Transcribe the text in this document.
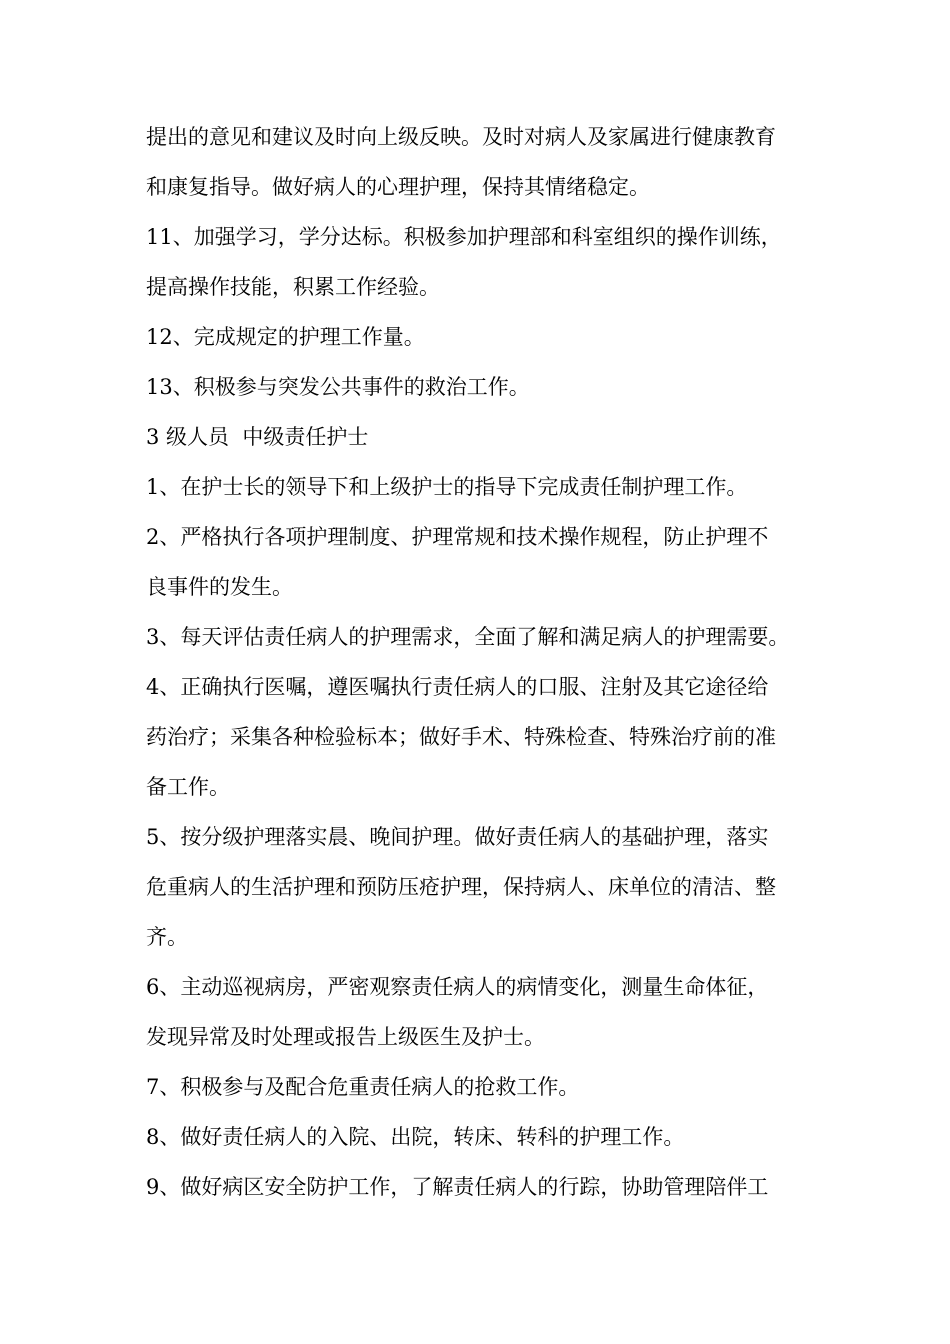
提出的意见和建议及时向上级反映。及时对病人及家属进行健康教育
和康复指导。做好病人的心理护理，保持其情绪稳定。
11、加强学习，学分达标。积极参加护理部和科室组织的操作训练，
提高操作技能，积累工作经验。
12、完成规定的护理工作量。
13、积极参与突发公共事件的救治工作。
3 级人员  中级责任护士
1、在护士长的领导下和上级护士的指导下完成责任制护理工作。
2、严格执行各项护理制度、护理常规和技术操作规程，防止护理不
良事件的发生。
3、每天评估责任病人的护理需求，全面了解和满足病人的护理需要。
4、正确执行医嘱，遵医嘱执行责任病人的口服、注射及其它途径给
药治疗；采集各种检验标本；做好手术、特殊检查、特殊治疗前的准
备工作。
5、按分级护理落实晨、晚间护理。做好责任病人的基础护理，落实
危重病人的生活护理和预防压疮护理，保持病人、床单位的清洁、整
齐。
6、主动巡视病房，严密观察责任病人的病情变化，测量生命体征，
发现异常及时处理或报告上级医生及护士。
7、积极参与及配合危重责任病人的抢救工作。
8、做好责任病人的入院、出院，转床、转科的护理工作。
9、做好病区安全防护工作，了解责任病人的行踪，协助管理陪伴工
